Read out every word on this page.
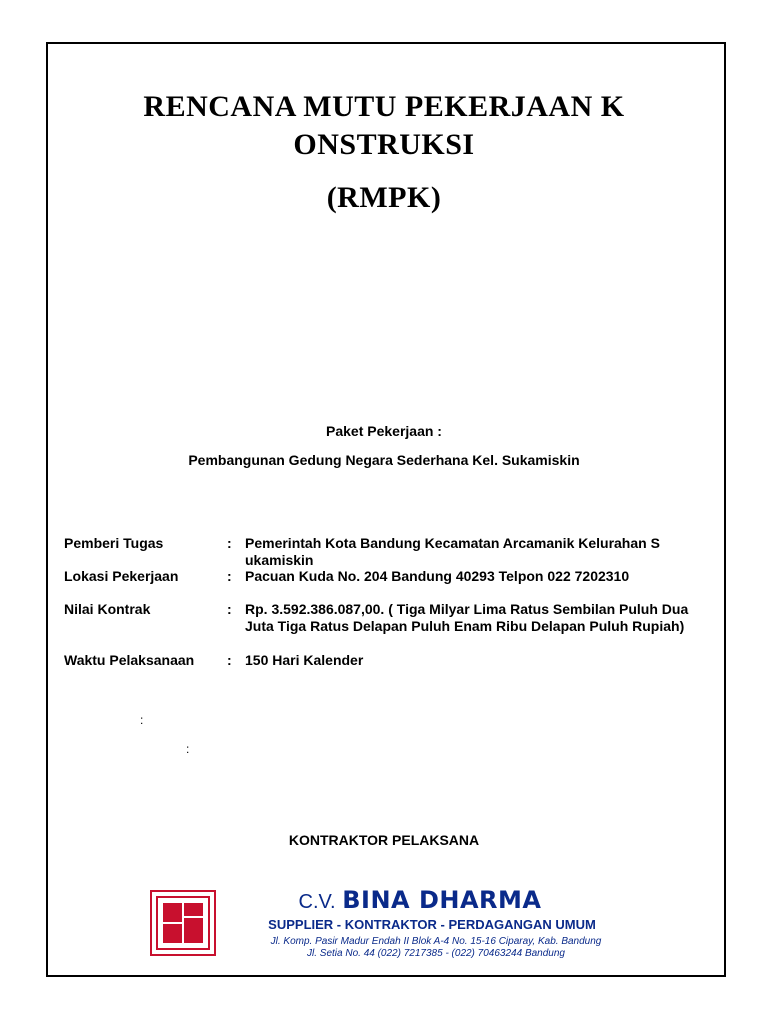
RENCANA MUTU PEKERJAAN K
ONSTRUKSI
(RMPK)
Paket Pekerjaan :
Pembangunan Gedung Negara Sederhana Kel. Sukamiskin
Pemberi Tugas	: Pemerintah Kota Bandung Kecamatan Arcamanik Kelurahan S ukamiskin
Lokasi Pekerjaan	: Pacuan Kuda No. 204 Bandung 40293 Telpon 022 7202310
Nilai Kontrak	: Rp. 3.592.386.087,00. ( Tiga Milyar Lima Ratus Sembilan Puluh Dua Juta Tiga Ratus Delapan Puluh Enam Ribu Delapan Puluh Rupiah)
Waktu Pelaksanaan	: 150 Hari Kalender
:
:
KONTRAKTOR PELAKSANA
C.V. BINA DHARMA
SUPPLIER - KONTRAKTOR - PERDAGANGAN UMUM
Jl. Komp. Pasir Madur Endah II Blok A-4 No. 15-16 Ciparay, Kab. Bandung
Jl. Setia No. 44 (022) 7217385 - (022) 70463244 Bandung
